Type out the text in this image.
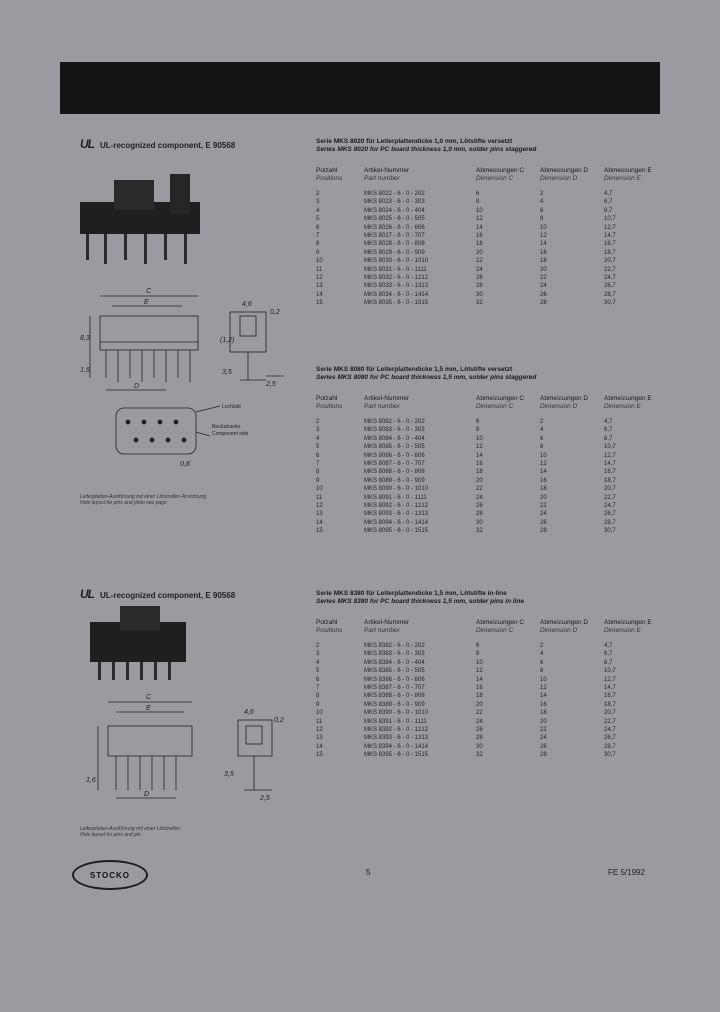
UL UL-recognized component, E 90568
C
E
D
4,6
0,2
8,3
1,6
(1,2)
3,5
2,5
0,8
Lochbild
Bestückseite
Component side
Leiterplatten-Ausführung mit einer Lötstreifen-Anordnung
Hole layout for pins and pinto see page
Serie MKS 8020 für Leiterplattendicke 1,0 mm, Lötstifte versetzt
Series MKS 8020 for PC board thickness 1,0 mm, solder pins staggered
Polzahl	Artikel-Nummer	Abmessungen C	Abmessungen D	Abmessungen E
Positions	Part number	Dimension C	Dimension D	Dimension E
2	MKS 8022 - 6 - 0 - 202	6	2	4,7
3	MKS 8023 - 6 - 0 - 303	8	4	6,7
4	MKS 8024 - 6 - 0 - 404	10	6	8,7
5	MKS 8025 - 6 - 0 - 505	12	8	10,7
6	MKS 8026 - 6 - 0 - 606	14	10	12,7
7	MKS 8027 - 6 - 0 - 707	16	12	14,7
8	MKS 8028 - 6 - 0 - 808	18	14	16,7
9	MKS 8029 - 6 - 0 - 909	20	16	18,7
10	MKS 8030 - 6 - 0 - 1010	22	18	20,7
11	MKS 8031 - 6 - 0 - 1111	24	20	22,7
12	MKS 8032 - 6 - 0 - 1212	26	22	24,7
13	MKS 8033 - 6 - 0 - 1313	28	24	26,7
14	MKS 8034 - 6 - 0 - 1414	30	26	28,7
15	MKS 8035 - 6 - 0 - 1515	32	28	30,7
Serie MKS 8080 für Leiterplattendicke 1,5 mm, Lötstifte versetzt
Series MKS 8080 for PC board thickness 1,5 mm, solder pins staggered
Polzahl	Artikel-Nummer	Abmessungen C	Abmessungen D	Abmessungen E
Positions	Part number	Dimension C	Dimension D	Dimension E
2	MKS 8082 - 6 - 0 - 202	6	2	4,7
3	MKS 8083 - 6 - 0 - 303	8	4	6,7
4	MKS 8084 - 6 - 0 - 404	10	6	8,7
5	MKS 8085 - 6 - 0 - 505	12	8	10,7
6	MKS 8086 - 6 - 0 - 606	14	10	12,7
7	MKS 8087 - 6 - 0 - 707	16	12	14,7
8	MKS 8088 - 6 - 0 - 808	18	14	16,7
9	MKS 8089 - 6 - 0 - 909	20	16	18,7
10	MKS 8090 - 6 - 0 - 1010	22	18	20,7
11	MKS 8091 - 6 - 0 - 1111	24	20	22,7
12	MKS 8092 - 6 - 0 - 1212	26	22	24,7
13	MKS 8093 - 6 - 0 - 1313	28	24	26,7
14	MKS 8094 - 6 - 0 - 1414	30	26	28,7
15	MKS 8095 - 6 - 0 - 1515	32	28	30,7
UL UL-recognized component, E 90568
C
E
D
4,6
0,2
1,6
3,5
2,5
Leiterplatten-Ausführung mit einer Lötstreifen
Hole layout for pins and pin
Serie MKS 8380 für Leiterplattendicke 1,5 mm, Lötstifte in-line
Series MKS 8380 for PC board thickness 1,5 mm, solder pins in line
Polzahl	Artikel-Nummer	Abmessungen C	Abmessungen D	Abmessungen E
Positions	Part number	Dimension C	Dimension D	Dimension E
2	MKS 8382 - 6 - 0 - 202	6	2	4,7
3	MKS 8383 - 6 - 0 - 303	8	4	6,7
4	MKS 8384 - 6 - 0 - 404	10	6	8,7
5	MKS 8385 - 6 - 0 - 505	12	8	10,7
6	MKS 8386 - 6 - 0 - 606	14	10	12,7
7	MKS 8387 - 6 - 0 - 707	16	12	14,7
8	MKS 8388 - 6 - 0 - 808	18	14	16,7
9	MKS 8389 - 6 - 0 - 909	20	16	18,7
10	MKS 8390 - 6 - 0 - 1010	22	18	20,7
11	MKS 8391 - 6 - 0 - 1111	24	20	22,7
12	MKS 8392 - 6 - 0 - 1212	26	22	24,7
13	MKS 8393 - 6 - 0 - 1313	28	24	26,7
14	MKS 8394 - 6 - 0 - 1414	30	26	28,7
15	MKS 8395 - 6 - 0 - 1515	32	28	30,7
STOCKO	5	FE 5/1992
